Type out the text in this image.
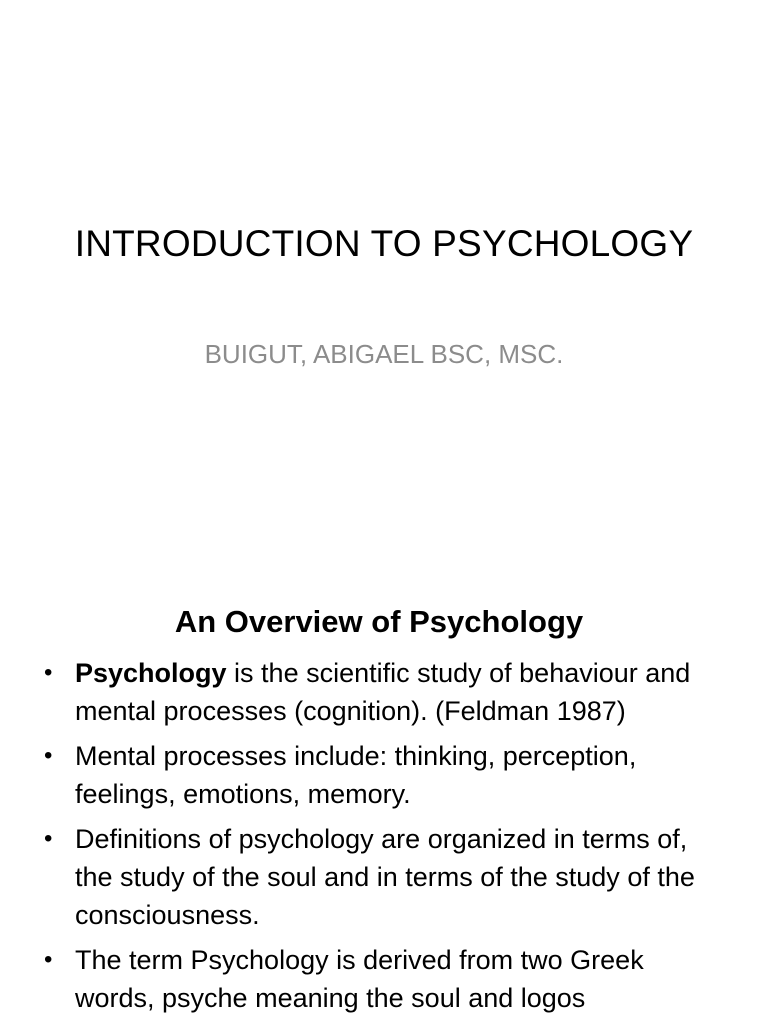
INTRODUCTION TO PSYCHOLOGY
BUIGUT, ABIGAEL BSC, MSC.
An Overview of Psychology
• Psychology is the scientific study of behaviour and mental processes (cognition). (Feldman 1987)
• Mental processes include: thinking, perception, feelings, emotions, memory.
• Definitions of psychology are organized in terms of, the study of the soul and in terms of the study of the consciousness.
• The term Psychology is derived from two Greek words, psyche meaning the soul and logos
